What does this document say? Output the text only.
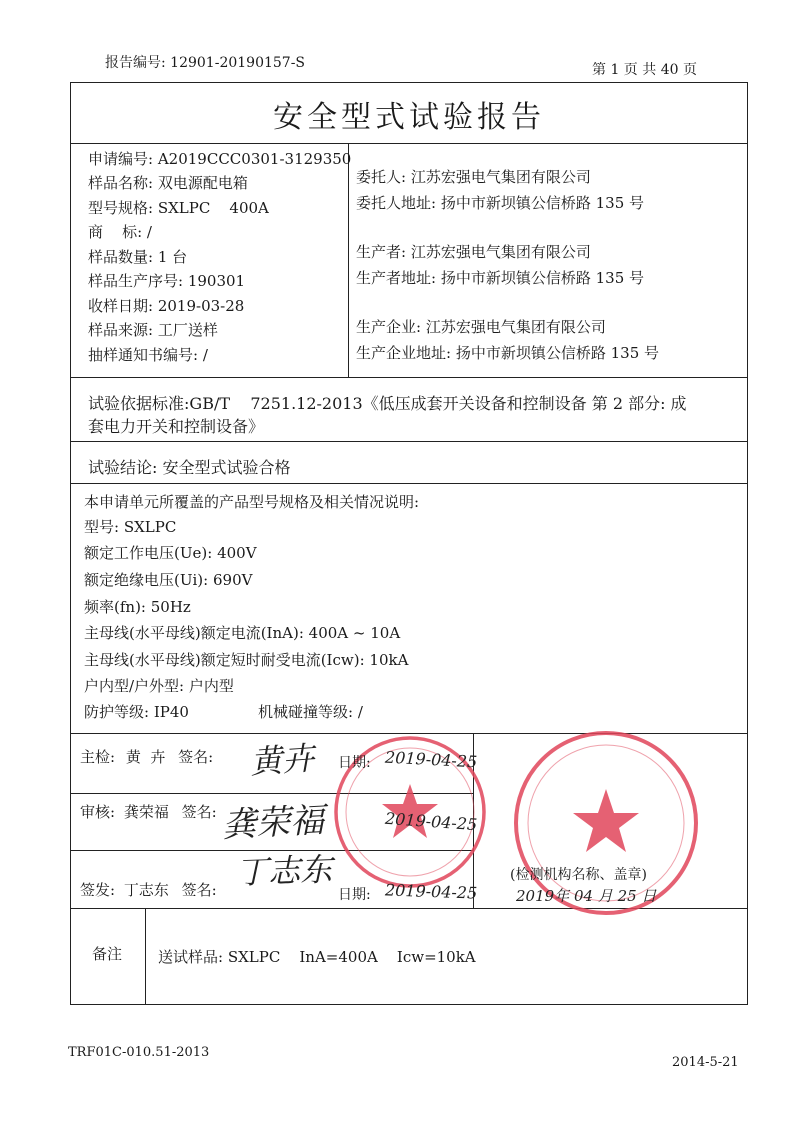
报告编号: 12901-20190157-S	第 1 页 共 40 页
安全型式试验报告
申请编号: A2019CCC0301-3129350
样品名称: 双电源配电箱
型号规格: SXLPC    400A
商    标: /
样品数量: 1 台
样品生产序号: 190301
收样日期: 2019-03-28
样品来源: 工厂送样
抽样通知书编号: /
委托人: 江苏宏强电气集团有限公司
委托人地址: 扬中市新坝镇公信桥路 135 号
生产者: 江苏宏强电气集团有限公司
生产者地址: 扬中市新坝镇公信桥路 135 号
生产企业: 江苏宏强电气集团有限公司
生产企业地址: 扬中市新坝镇公信桥路 135 号
试验依据标准:GB/T    7251.12-2013《低压成套开关设备和控制设备 第 2 部分: 成
套电力开关和控制设备》
试验结论: 安全型式试验合格
本申请单元所覆盖的产品型号规格及相关情况说明:
型号: SXLPC
额定工作电压(Ue): 400V
额定绝缘电压(Ui): 690V
频率(fn): 50Hz
主母线(水平母线)额定电流(InA): 400A ~ 10A
主母线(水平母线)额定短时耐受电流(Icw): 10kA
户内型/户外型: 户内型
防护等级: IP40	机械碰撞等级: /
主检: 黄  卉 签名: 黄卉 日期: 2019-04-25
审核: 龚荣福 签名: 龚荣福	2019-04-25
签发: 丁志东 签名: 丁志东
日期: 2019-04-25
(检测机构名称、盖章)
2019年 04 月 25 日
备注 送试样品: SXLPC    InA=400A    Icw=10kA
TRF01C-010.51-2013
2014-5-21
